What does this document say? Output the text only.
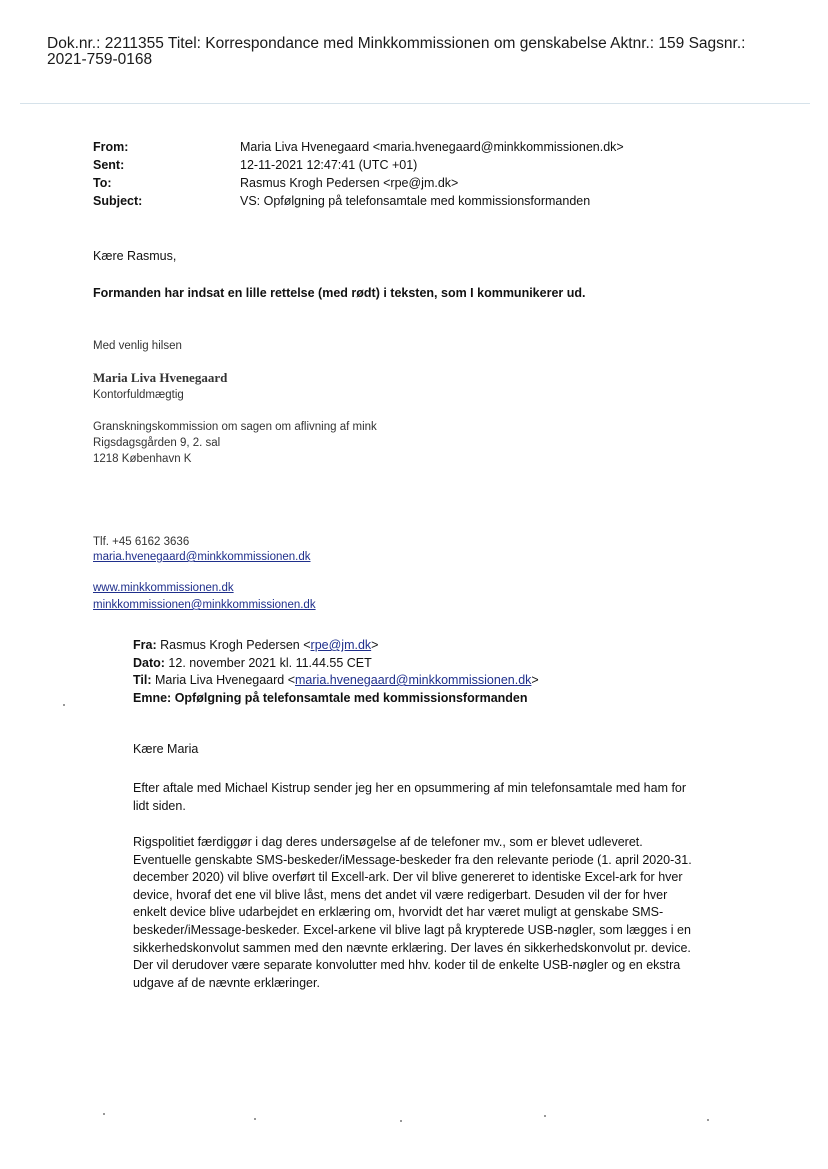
Dok.nr.: 2211355 Titel: Korrespondance med Minkkommissionen om genskabelse Aktnr.: 159 Sagsnr.:
2021-759-0168
From:	Maria Liva Hvenegaard <maria.hvenegaard@minkkommissionen.dk>
Sent:	12-11-2021 12:47:41 (UTC +01)
To:	Rasmus Krogh Pedersen <rpe@jm.dk>
Subject:	VS: Opfølgning på telefonsamtale med kommissionsformanden
Kære Rasmus,
Formanden har indsat en lille rettelse (med rødt) i teksten, som I kommunikerer ud.
Med venlig hilsen
Maria Liva Hvenegaard
Kontorfuldmægtig
Granskningskommission om sagen om aflivning af mink
Rigsdagsgården 9, 2. sal
1218 København K
Tlf. +45 6162 3636
maria.hvenegaard@minkkommissionen.dk
www.minkkommissionen.dk
minkkommissionen@minkkommissionen.dk
Fra: Rasmus Krogh Pedersen <rpe@jm.dk>
Dato: 12. november 2021 kl. 11.44.55 CET
Til: Maria Liva Hvenegaard <maria.hvenegaard@minkkommissionen.dk>
Emne: Opfølgning på telefonsamtale med kommissionsformanden
Kære Maria
Efter aftale med Michael Kistrup sender jeg her en opsummering af min telefonsamtale med ham for lidt siden.
Rigspolitiet færdiggør i dag deres undersøgelse af de telefoner mv., som er blevet udleveret. Eventuelle genskabte SMS-beskeder/iMessage-beskeder fra den relevante periode (1. april 2020-31. december 2020) vil blive overført til Excell-ark. Der vil blive genereret to identiske Excel-ark for hver device, hvoraf det ene vil blive låst, mens det andet vil være redigerbart. Desuden vil der for hver enkelt device blive udarbejdet en erklæring om, hvorvidt det har været muligt at genskabe SMS-beskeder/iMessage-beskeder. Excel-arkene vil blive lagt på krypterede USB-nøgler, som lægges i en sikkerhedskonvolut sammen med den nævnte erklæring. Der laves én sikkerhedskonvolut pr. device. Der vil derudover være separate konvolutter med hhv. koder til de enkelte USB-nøgler og en ekstra udgave af de nævnte erklæringer.
